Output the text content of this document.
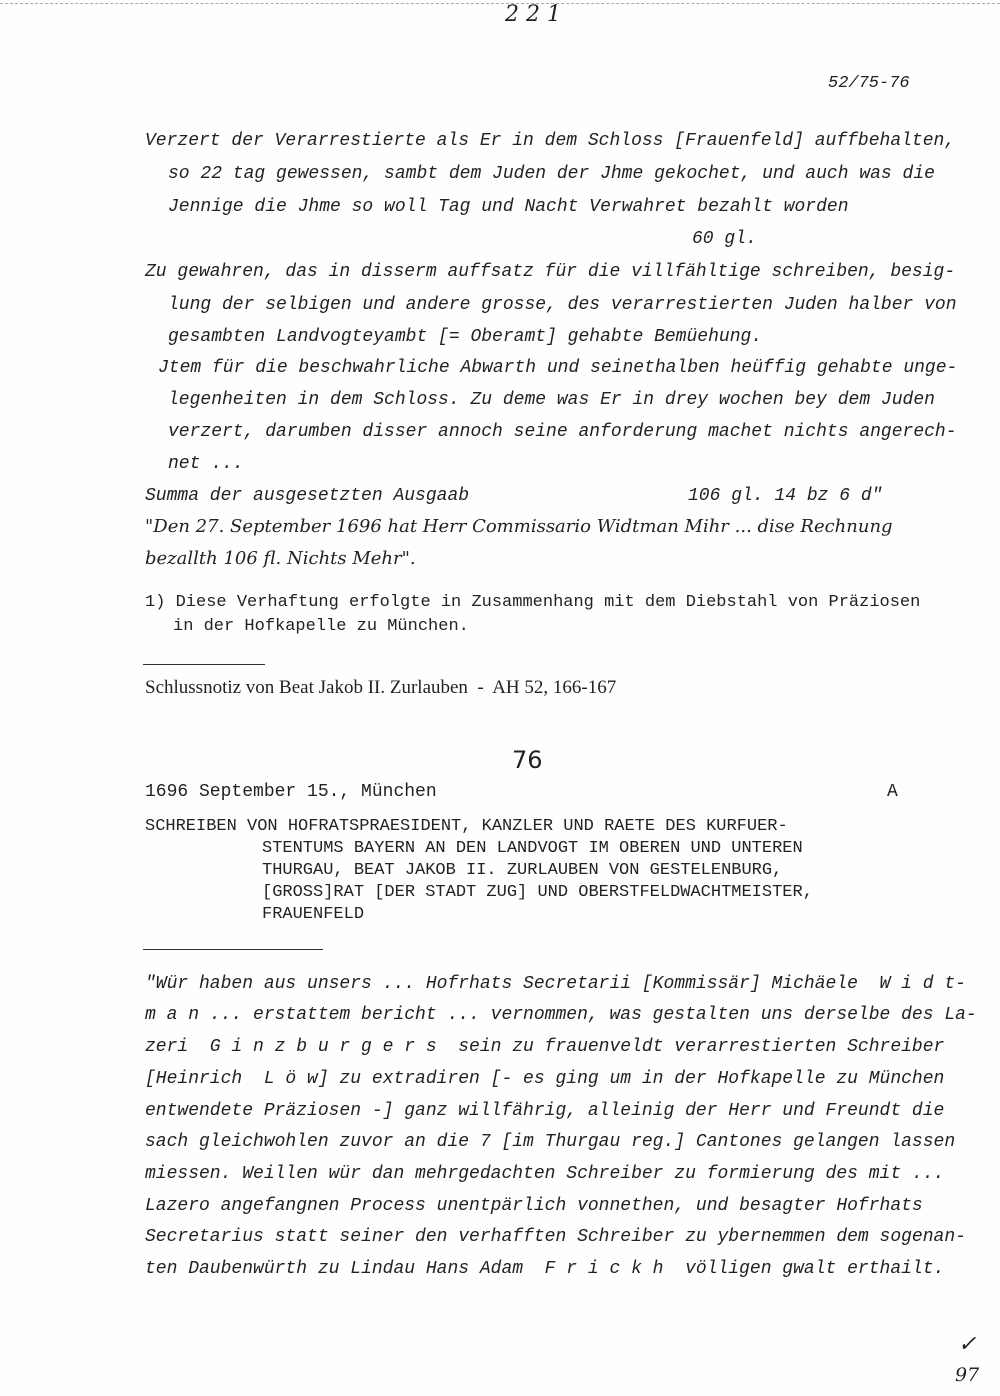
2 2 1
52/75-76
Verzert der Verarrestierte als Er in dem Schloss [Frauenfeld] auffbehalten,
so 22 tag gewessen, sambt dem Juden der Jhme gekochet, und auch was die
Jennige die Jhme so woll Tag und Nacht Verwahret bezahlt worden
60 gl.
Zu gewahren, das in disserm auffsatz für die villfähltige schreiben, besig-
lung der selbigen und andere grosse, des verarrestierten Juden halber von
gesambten Landvogteyambt [= Oberamt] gehabte Bemüehung.
Jtem für die beschwahrliche Abwarth und seinethalben heüffig gehabte unge-
legenheiten in dem Schloss. Zu deme was Er in drey wochen bey dem Juden
verzert, darumben disser annoch seine anforderung machet nichts angerech-
net ...
Summa der ausgesetzten Ausgaab	106 gl. 14 bz 6 d"
"Den 27. September 1696 hat Herr Commissario Widtman Mihr ... dise Rechnung
bezallth 106 fl. Nichts Mehr".
1) Diese Verhaftung erfolgte in Zusammenhang mit dem Diebstahl von Präziosen
in der Hofkapelle zu München.
Schlussnotiz von Beat Jakob II. Zurlauben  -  AH 52, 166-167
76
1696 September 15., München	A
SCHREIBEN VON HOFRATSPRAESIDENT, KANZLER UND RAETE DES KURFUER-
STENTUMS BAYERN AN DEN LANDVOGT IM OBEREN UND UNTEREN
THURGAU, BEAT JAKOB II. ZURLAUBEN VON GESTELENBURG,
[GROSS]RAT [DER STADT ZUG] UND OBERSTFELDWACHTMEISTER,
FRAUENFELD
"Wür haben aus unsers ... Hofrhats Secretarii [Kommissär] Michäele  W i d t-
m a n ... erstattem bericht ... vernommen, was gestalten uns derselbe des La-
zeri  G i n z b u r g e r s  sein zu frauenveldt verarrestierten Schreiber
[Heinrich  L ö w] zu extradiren [- es ging um in der Hofkapelle zu München
entwendete Präziosen -] ganz willfährig, alleinig der Herr und Freundt die
sach gleichwohlen zuvor an die 7 [im Thurgau reg.] Cantones gelangen lassen
miessen. Weillen wür dan mehrgedachten Schreiber zu formierung des mit ...
Lazero angefangnen Process unentpärlich vonnethen, und besagter Hofrhats
Secretarius statt seiner den verhafften Schreiber zu ybernemmen dem sogenan-
ten Daubenwürth zu Lindau Hans Adam  F r i c k h  völligen gwalt erthailt.
✓
97
